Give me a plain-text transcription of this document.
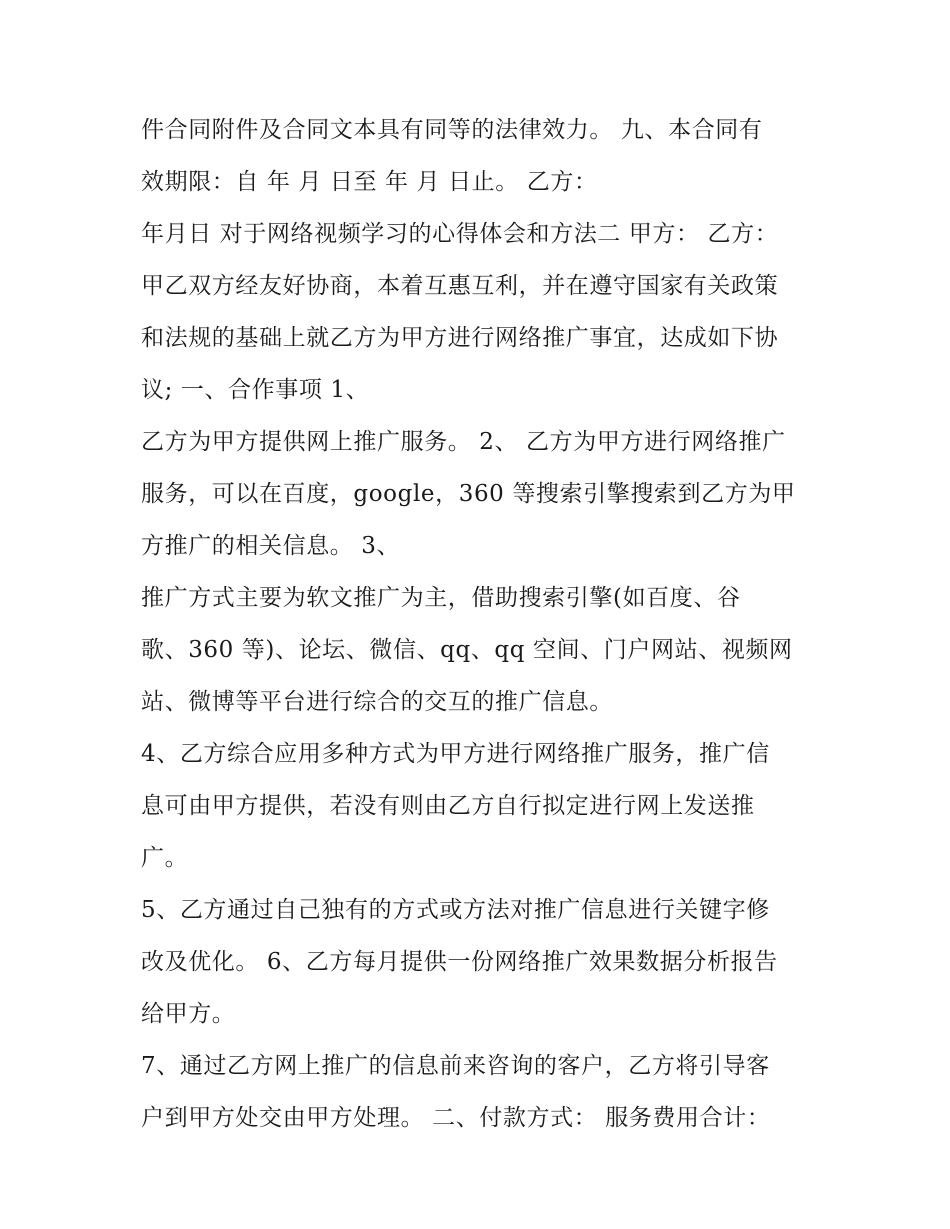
件合同附件及合同文本具有同等的法律效力。 九、本合同有
效期限：自 年 月 日至 年 月 日止。 乙方：
年月日 对于网络视频学习的心得体会和方法二 甲方： 乙方：
甲乙双方经友好协商，本着互惠互利，并在遵守国家有关政策
和法规的基础上就乙方为甲方进行网络推广事宜，达成如下协
议; 一、合作事项 1、
乙方为甲方提供网上推广服务。 2、 乙方为甲方进行网络推广
服务，可以在百度，google，360 等搜索引擎搜索到乙方为甲
方推广的相关信息。 3、
推广方式主要为软文推广为主，借助搜索引擎(如百度、谷
歌、360 等)、论坛、微信、qq、qq 空间、门户网站、视频网
站、微博等平台进行综合的交互的推广信息。
4、乙方综合应用多种方式为甲方进行网络推广服务，推广信
息可由甲方提供，若没有则由乙方自行拟定进行网上发送推
广。
5、乙方通过自己独有的方式或方法对推广信息进行关键字修
改及优化。 6、乙方每月提供一份网络推广效果数据分析报告
给甲方。
7、通过乙方网上推广的信息前来咨询的客户，乙方将引导客
户到甲方处交由甲方处理。 二、付款方式： 服务费用合计：
